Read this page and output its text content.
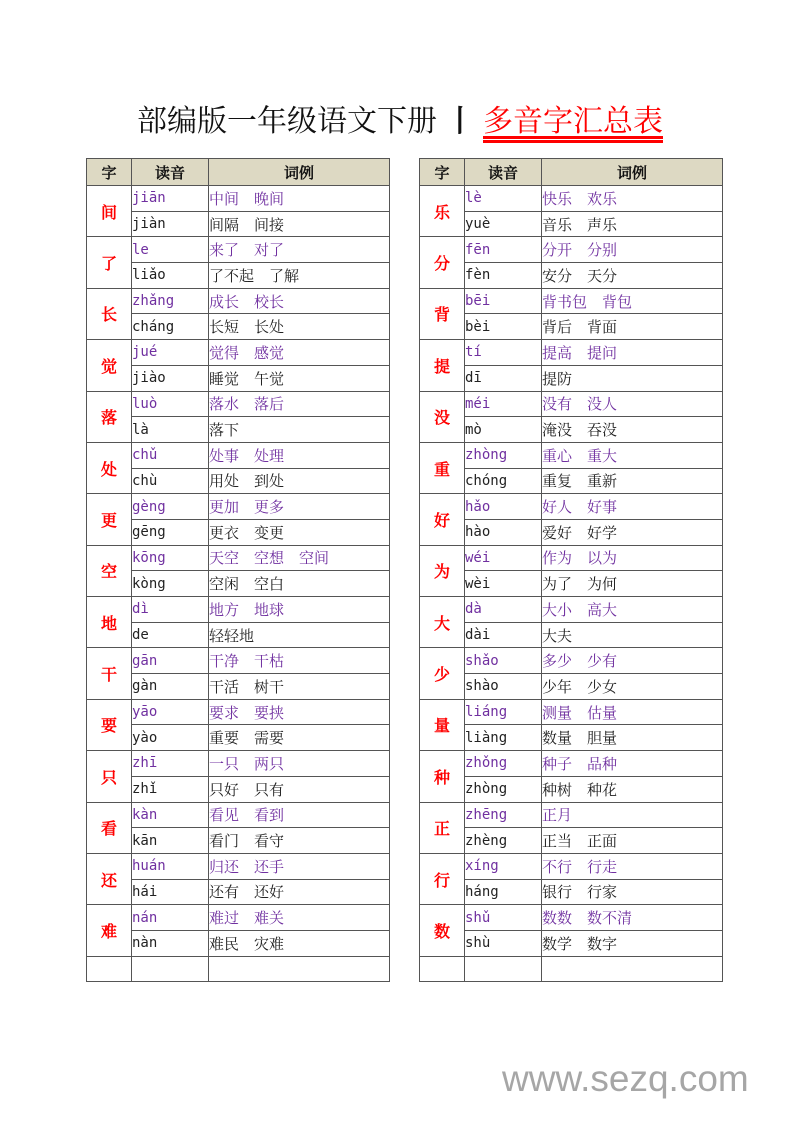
部编版一年级语文下册 丨 多音字汇总表
字	读音	词例
间	jiān	中间　晚间
	jiàn	间隔　间接
了	le	来了　对了
	liǎo	了不起　了解
长	zhǎng	成长　校长
	cháng	长短　长处
觉	jué	觉得　感觉
	jiào	睡觉　午觉
落	luò	落水　落后
	là	落下
处	chǔ	处事　处理
	chù	用处　到处
更	gèng	更加　更多
	gēng	更衣　变更
空	kōng	天空　空想　空间
	kòng	空闲　空白
地	dì	地方　地球
	de	轻轻地
干	gān	干净　干枯
	gàn	干活　树干
要	yāo	要求　要挟
	yào	重要　需要
只	zhī	一只　两只
	zhǐ	只好　只有
看	kàn	看见　看到
	kān	看门　看守
还	huán	归还　还手
	hái	还有　还好
难	nán	难过　难关
	nàn	难民　灾难

字	读音	词例
乐	lè	快乐　欢乐
	yuè	音乐　声乐
分	fēn	分开　分别
	fèn	安分　天分
背	bēi	背书包　背包
	bèi	背后　背面
提	tí	提高　提问
	dī	提防
没	méi	没有　没人
	mò	淹没　吞没
重	zhòng	重心　重大
	chóng	重复　重新
好	hǎo	好人　好事
	hào	爱好　好学
为	wéi	作为　以为
	wèi	为了　为何
大	dà	大小　高大
	dài	大夫
少	shǎo	多少　少有
	shào	少年　少女
量	liáng	测量　估量
	liàng	数量　胆量
种	zhǒng	种子　品种
	zhòng	种树　种花
正	zhēng	正月
	zhèng	正当　正面
行	xíng	不行　行走
	háng	银行　行家
数	shǔ	数数　数不清
	shù	数学　数字

www.sezq.com
